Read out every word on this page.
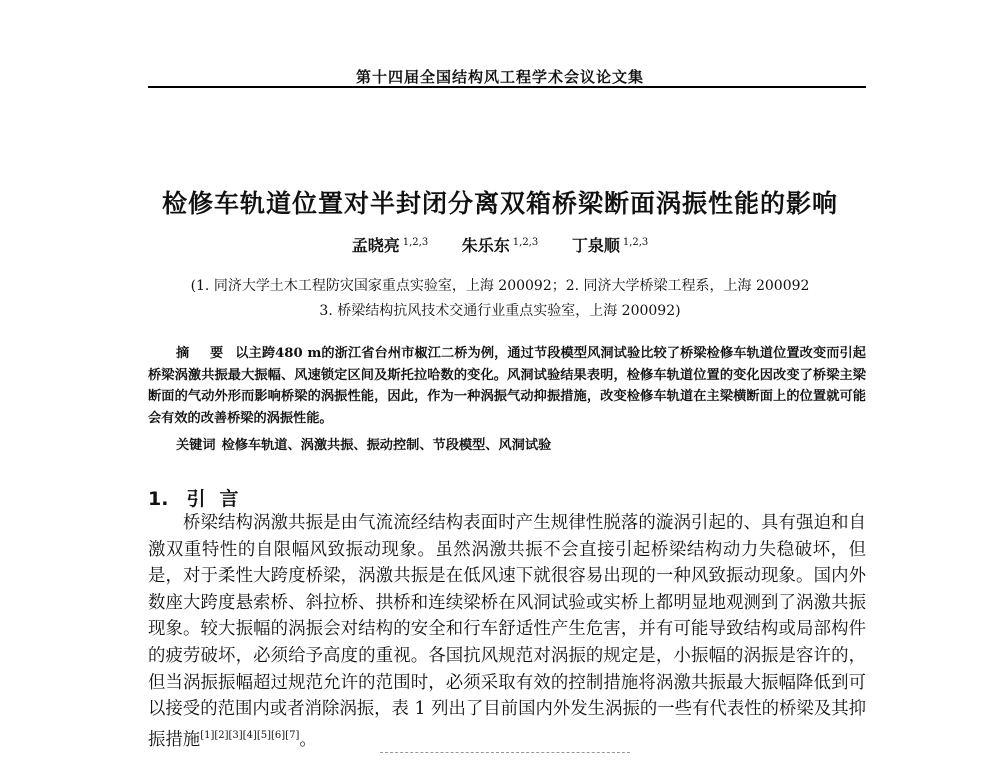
第十四届全国结构风工程学术会议论文集
检修车轨道位置对半封闭分离双箱桥梁断面涡振性能的影响
孟晓亮 $^{1,2,3}$ 朱乐东 $^{1,2,3}$ 丁泉顺 $^{1,2,3}$
(1. 同济大学土木工程防灾国家重点实验室，上海 200092；2. 同济大学桥梁工程系，上海 200092
3. 桥梁结构抗风技术交通行业重点实验室，上海 200092)
摘 要 以主跨480 m的浙江省台州市椒江二桥为例，通过节段模型风洞试验比较了桥梁检修车轨道位置改变而引起桥梁涡激共振最大振幅、风速锁定区间及斯托拉哈数的变化。风洞试验结果表明，检修车轨道位置的变化因改变了桥梁主梁断面的气动外形而影响桥梁的涡振性能，因此，作为一种涡振气动抑振措施，改变检修车轨道在主梁横断面上的位置就可能会有效的改善桥梁的涡振性能。
关键词 检修车轨道、涡激共振、振动控制、节段模型、风洞试验
1. 引言
桥梁结构涡激共振是由气流流经结构表面时产生规律性脱落的漩涡引起的、具有强迫和自激双重特性的自限幅风致振动现象。虽然涡激共振不会直接引起桥梁结构动力失稳破坏，但是，对于柔性大跨度桥梁，涡激共振是在低风速下就很容易出现的一种风致振动现象。国内外数座大跨度悬索桥、斜拉桥、拱桥和连续梁桥在风洞试验或实桥上都明显地观测到了涡激共振现象。较大振幅的涡振会对结构的安全和行车舒适性产生危害，并有可能导致结构或局部构件的疲劳破坏，必须给予高度的重视。各国抗风规范对涡振的规定是，小振幅的涡振是容许的，但当涡振振幅超过规范允许的范围时，必须采取有效的控制措施将涡激共振最大振幅降低到可以接受的范围内或者消除涡振，表 1 列出了目前国内外发生涡振的一些有代表性的桥梁及其抑振措施[1][2][3][4][5][6][7]。
